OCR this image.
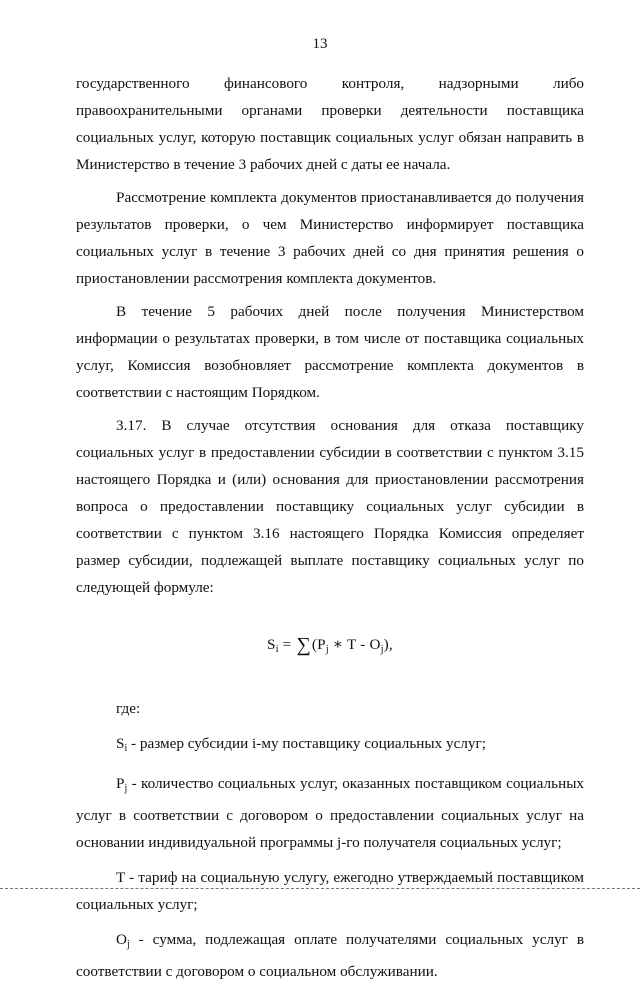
13

государственного финансового контроля, надзорными либо

правоохранительными органами проверки деятельности поставщика социальных услуг, которую поставщик социальных услуг обязан направить в Министерство в течение 3 рабочих дней с даты ее начала.

Рассмотрение комплекта документов приостанавливается до получения результатов проверки, о чем Министерство информирует поставщика социальных услуг в течение 3 рабочих дней со дня принятия решения о приостановлении рассмотрения комплекта документов.

В течение 5 рабочих дней после получения Министерством информации о результатах проверки, в том числе от поставщика социальных услуг, Комиссия возобновляет рассмотрение комплекта документов в соответствии с настоящим Порядком.

3.17. В случае отсутствия основания для отказа поставщику социальных услуг в предоставлении субсидии в соответствии с пунктом 3.15 настоящего Порядка и (или) основания для приостановлении рассмотрения вопроса о предоставлении поставщику социальных услуг субсидии в соответствии с пунктом 3.16 настоящего Порядка Комиссия определяет размер субсидии, подлежащей выплате поставщику социальных услуг по следующей формуле:

$S_i = \sum(P_j$ ∗ T - $O_j$),

где:

$S_i$ - размер субсидии i-му поставщику социальных услуг;

$P_j$ - количество социальных услуг, оказанных поставщиком социальных услуг в соответствии с договором о предоставлении социальных услуг на основании индивидуальной программы j-го получателя социальных услуг;

T - тариф на социальную услугу, ежегодно утверждаемый поставщиком социальных услуг;

$O_j$ - сумма, подлежащая оплате получателями социальных услуг в соответствии с договором о социальном обслуживании.
